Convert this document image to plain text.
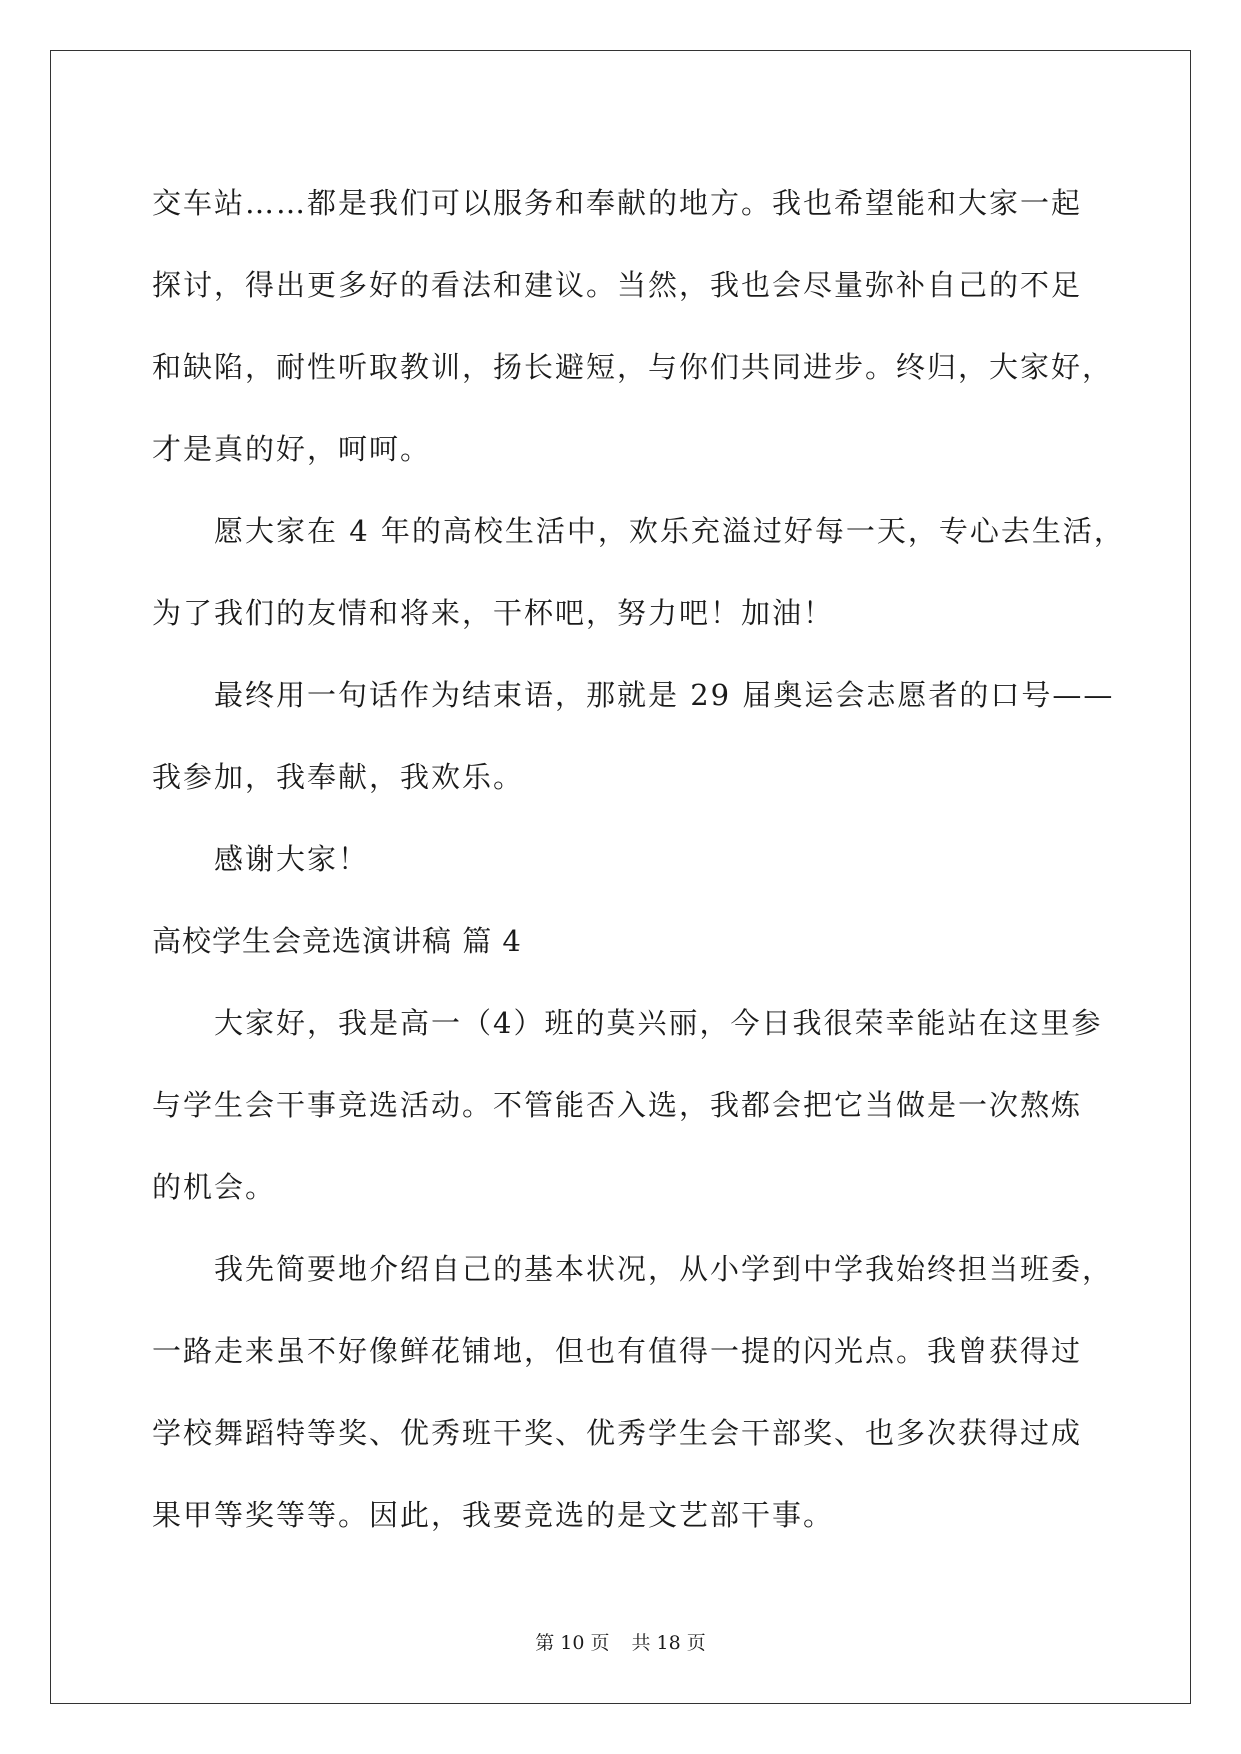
交车站……都是我们可以服务和奉献的地方。我也希望能和大家一起
探讨，得出更多好的看法和建议。当然，我也会尽量弥补自己的不足
和缺陷，耐性听取教训，扬长避短，与你们共同进步。终归，大家好，
才是真的好，呵呵。
愿大家在 4 年的高校生活中，欢乐充溢过好每一天，专心去生活，
为了我们的友情和将来，干杯吧，努力吧！加油！
最终用一句话作为结束语，那就是 29 届奥运会志愿者的口号——
我参加，我奉献，我欢乐。
感谢大家！
高校学生会竞选演讲稿 篇 4
大家好，我是高一（4）班的莫兴丽，今日我很荣幸能站在这里参
与学生会干事竞选活动。不管能否入选，我都会把它当做是一次熬炼
的机会。
我先简要地介绍自己的基本状况，从小学到中学我始终担当班委，
一路走来虽不好像鲜花铺地，但也有值得一提的闪光点。我曾获得过
学校舞蹈特等奖、优秀班干奖、优秀学生会干部奖、也多次获得过成
果甲等奖等等。因此，我要竞选的是文艺部干事。
第 10 页 共 18 页
